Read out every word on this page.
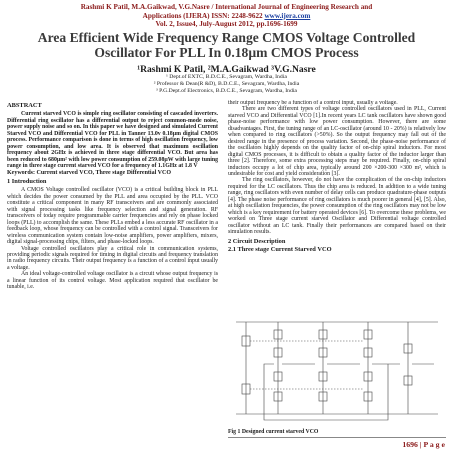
Rashmi K Patil, M.A.Gaikwad, V.G.Nasre / International Journal of Engineering Research and
Applications (IJERA) ISSN: 2248-9622 www.ijera.com
Vol. 2, Issue4, July-August 2012, pp.1696-1699
Area Efficient Wide Frequency Range CMOS Voltage Controlled
Oscillator For PLL In 0.18µm CMOS Process
¹Rashmi K Patil, ²M.A.Gaikwad ³V.G.Nasre
¹ Dept.of EXTC, B.D.C.E., Sevagram, Wardha, India
² Professor & Dean(R &D), B.D.C.E., Sevagram, Wardha, India
³ P.G.Dept.of Electronics, B.D.C.E., Sevagram, Wardha, India
ABSTRACT

Current starved VCO is simple ring oscillator consisting of cascaded inverters. Differential ring oscillator has a differential output to reject common-mode noise, power supply noise and so on. In this paper we have designed and simulated Current Starved VCO and Differential VCO for PLL in Tanner 13.0v 0.18µm digital CMOS process. Performance comparison is done in terms of high oscillation frequency, low power consumption, and low area. It is observed that maximum oscillation frequency about 2GHz is achieved in three stage differential VCO. But area has been reduced to 680µm² with low power consumption of 259.08µW with large tuning range in three stage current starved VCO for a frequency of 1.1GHz at 1.8 V

Keywords: Current starved VCO, Three stage Differential VCO

1 Introduction

A CMOS Voltage controlled oscillator (VCO) is a critical building block in PLL which decides the power consumed by the PLL and area occupied by the PLL. VCO constitute a critical component in many RF transceivers and are commonly associated with signal processing tasks like frequency selection and signal generation. RF transceivers of today require programmable carrier frequencies and rely on phase locked loops (PLL) to accomplish the same. These PLLs embed a less accurate RF oscillator in a feedback loop, whose frequency can be controlled with a control signal. Transceivers for wireless communication system contain low-noise amplifiers, power amplifiers, mixers, digital signal-processing chips, filters, and phase-locked loops.

Voltage controlled oscillators play a critical role in communication systems, providing periodic signals required for timing in digital circuits and frequency translation in radio frequency circuits. Their output frequency is a function of a control input usually a voltage.

An ideal voltage-controlled voltage oscillator is a circuit whose output frequency is a linear function of its control voltage. Most application required that oscillator be tunable, i.e.

their output frequency be a function of a control input, usually a voltage.

There are two different types of voltage controlled oscillators used in PLL, Current starved VCO and Differential VCO [1].In recent years LC tank oscillators have shown good phase-noise performance with low power consumption. However, there are some disadvantages. First, the tuning range of an LC-oscillator (around 10 - 20%) is relatively low when compared to ring oscillators (>50%). So the output frequency may fall out of the desired range in the presence of process variation. Second, the phase-noise performance of the oscillators highly depends on the quality factor of on-chip spiral inductors. For most digital CMOS processes, it is difficult to obtain a quality factor of the inductor larger than three [2]. Therefore, some extra processing steps may be required. Finally, on-chip spiral inductors occupy a lot of chip area, typically around 200 ×200-300 ×300 m², which is undesirable for cost and yield consideration [3].

The ring oscillators, however, do not have the complication of the on-chip inductors required for the LC oscillators. Thus the chip area is reduced. In addition to a wide tuning range, ring oscillators with even number of delay cells can produce quadrature-phase outputs [4]. The phase noise performance of ring oscillators is much poorer in general [4], [5]. Also, at high oscillation frequencies, the power consumption of the ring oscillators may not be low which is a key requirement for battery operated devices [6]. To overcome these problems, we worked on Three stage current starved Oscillator and Differential voltage controlled oscillator without an LC tank. Finally their performances are compared based on their simulation results.

2 Circuit Description
2.1 Three stage Current Starved VCO
Fig 1 Designed current starved VCO
1696 | P a g e
